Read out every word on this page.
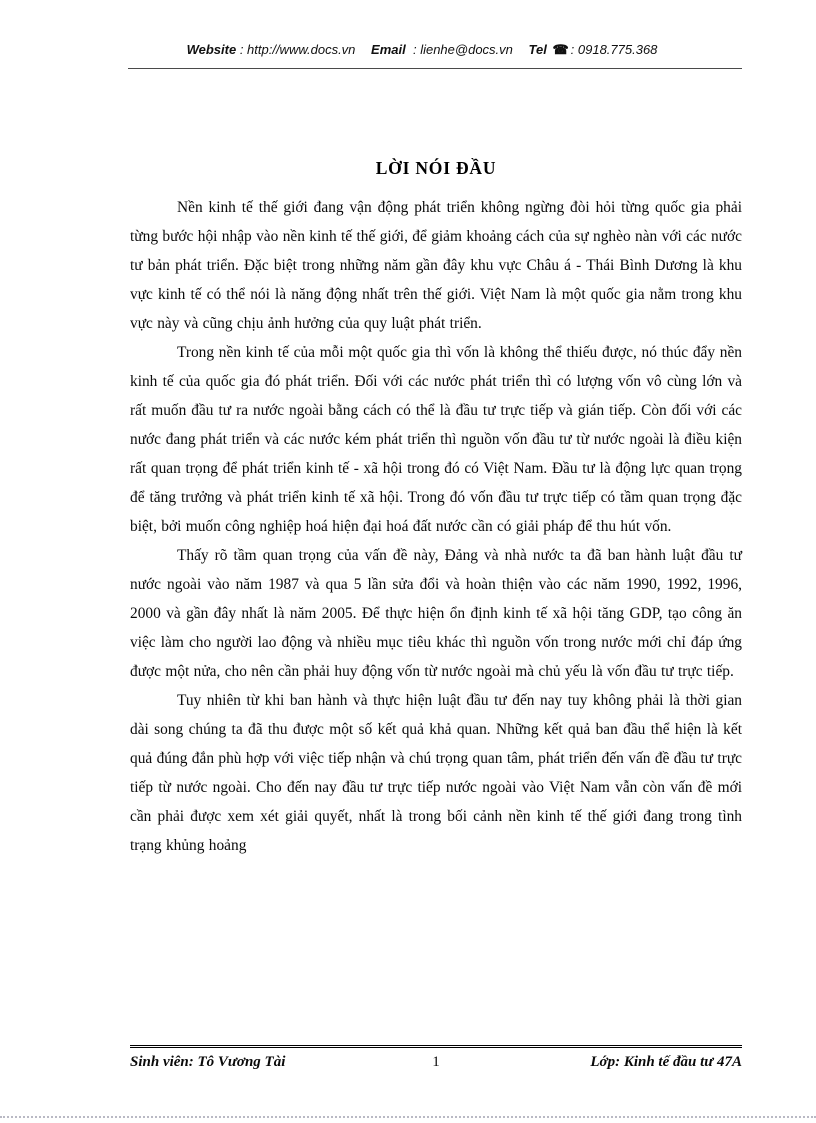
Website : http://www.docs.vn Email : lienhe@docs.vn Tel ☎ : 0918.775.368
LỜI NÓI ĐẦU

Nền kinh tế thế giới đang vận động phát triển không ngừng đòi hỏi từng quốc gia phải từng bước hội nhập vào nền kinh tế thế giới, để giảm khoảng cách của sự nghèo nàn với các nước tư bản phát triển. Đặc biệt trong những năm gần đây khu vực Châu á - Thái Bình Dương là khu vực kinh tế có thể nói là năng động nhất trên thế giới. Việt Nam là một quốc gia nằm trong khu vực này và cũng chịu ảnh hưởng của quy luật phát triển.

Trong nền kinh tế của mỗi một quốc gia thì vốn là không thể thiếu được, nó thúc đẩy nền kinh tế của quốc gia đó phát triển. Đối với các nước phát triển thì có lượng vốn vô cùng lớn và rất muốn đầu tư ra nước ngoài bằng cách có thể là đầu tư trực tiếp và gián tiếp. Còn đối với các nước đang phát triển và các nước kém phát triển thì nguồn vốn đầu tư từ nước ngoài là điều kiện rất quan trọng để phát triển kinh tế - xã hội trong đó có Việt Nam. Đầu tư là động lực quan trọng để tăng trưởng và phát triển kinh tế xã hội. Trong đó vốn đầu tư trực tiếp có tầm quan trọng đặc biệt, bởi muốn công nghiệp hoá hiện đại hoá đất nước cần có giải pháp để thu hút vốn.

Thấy rõ tầm quan trọng của vấn đề này, Đảng và nhà nước ta đã ban hành luật đầu tư nước ngoài vào năm 1987 và qua 5 lần sửa đổi và hoàn thiện vào các năm 1990, 1992, 1996, 2000 và gần đây nhất là năm 2005. Để thực hiện ổn định kinh tế xã hội tăng GDP, tạo công ăn việc làm cho người lao động và nhiều mục tiêu khác thì nguồn vốn trong nước mới chỉ đáp ứng được một nửa, cho nên cần phải huy động vốn từ nước ngoài mà chủ yếu là vốn đầu tư trực tiếp.

Tuy nhiên từ khi ban hành và thực hiện luật đầu tư đến nay tuy không phải là thời gian dài song chúng ta đã thu được một số kết quả khả quan. Những kết quả ban đầu thể hiện là kết quả đúng đắn phù hợp với việc tiếp nhận và chú trọng quan tâm, phát triển đến vấn đề đầu tư trực tiếp từ nước ngoài. Cho đến nay đầu tư trực tiếp nước ngoài vào Việt Nam vẫn còn vấn đề mới cần phải được xem xét giải quyết, nhất là trong bối cảnh nền kinh tế thế giới đang trong tình trạng khủng hoảng

Sinh viên: Tô Vương Tài	1	Lớp: Kinh tế đầu tư 47A
